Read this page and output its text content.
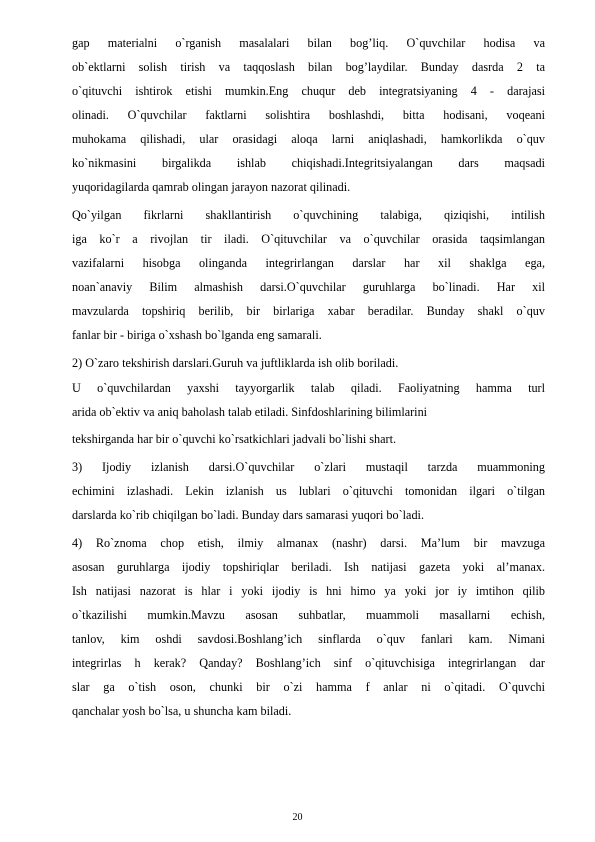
gap materialni o`rganish masalalari bilan bog’liq. O`quvchilar hodisa va

ob`ektlarni solish tirish va taqqoslash bilan bog’laydilar. Bunday dasrda 2 ta

o`qituvchi ishtirok etishi mumkin.Eng chuqur deb integratsiyaning 4 - darajasi

olinadi. O`quvchilar faktlarni solishtira boshlashdi, bitta hodisani, voqeani

muhokama qilishadi, ular orasidagi aloqa larni aniqlashadi, hamkorlikda o`quv

ko`nikmasini birgalikda ishlab chiqishadi.Integritsiyalangan dars maqsadi

yuqoridagilarda qamrab olingan jarayon nazorat qilinadi.

Qo`yilgan fikrlarni shakllantirish o`quvchining talabiga, qiziqishi, intilish

iga ko`r a rivojlan tir iladi. O`qituvchilar va o`quvchilar orasida taqsimlangan

vazifalarni hisobga olinganda integrirlangan darslar har xil shaklga ega,

noan`anaviy Bilim almashish darsi.O`quvchilar guruhlarga bo`linadi. Har xil

mavzularda topshiriq berilib, bir birlariga xabar beradilar. Bunday shakl o`quv

fanlar bir - biriga o`xshash bo`lganda eng samarali.

2) O`zaro tekshirish darslari.Guruh va juftliklarda ish olib boriladi.

U o`quvchilardan yaxshi tayyorgarlik talab qiladi. Faoliyatning hamma turl

arida ob`ektiv va aniq baholash talab etiladi. Sinfdoshlarining bilimlarini

tekshirganda har bir o`quvchi ko`rsatkichlari jadvali bo`lishi shart.

3) Ijodiy izlanish darsi.O`quvchilar o`zlari mustaqil tarzda muammoning

echimini izlashadi. Lekin izlanish us lublari o`qituvchi tomonidan ilgari o`tilgan

darslarda ko`rib chiqilgan bo`ladi. Bunday dars samarasi yuqori bo`ladi.

4) Ro`znoma chop etish, ilmiy almanax (nashr) darsi. Ma’lum bir mavzuga

asosan guruhlarga ijodiy topshiriqlar beriladi. Ish natijasi gazeta yoki al’manax.

Ish natijasi nazorat is hlar i yoki ijodiy is hni himo ya yoki jor iy imtihon qilib

o`tkazilishi mumkin.Mavzu asosan suhbatlar, muammoli masallarni echish,

tanlov, kim oshdi savdosi.Boshlang’ich sinflarda o`quv fanlari kam. Nimani

integrirlas h kerak? Qanday? Boshlang’ich sinf o`qituvchisiga integrirlangan dar

slar ga o`tish oson, chunki bir o`zi hamma f anlar ni o`qitadi. O`quvchi

qanchalar yosh bo`lsa, u shuncha kam biladi.

20
